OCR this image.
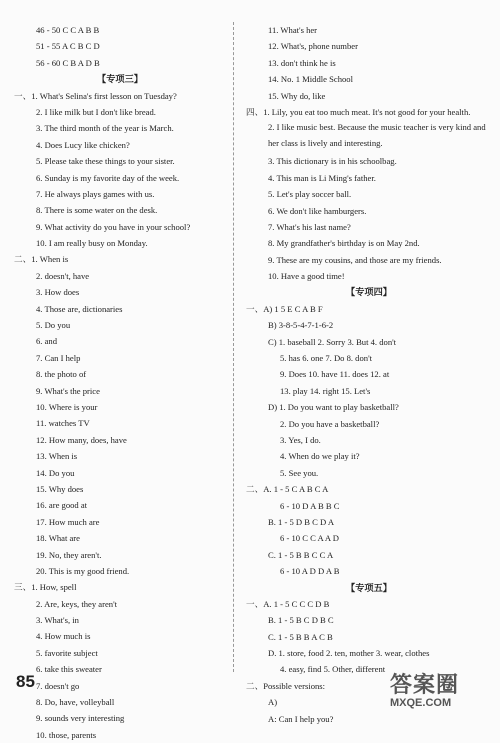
46 - 50 C C A B B
51 - 55 A C B C D
56 - 60 C B A D B
【专项三】
一、1. What's Selina's first lesson on Tuesday?
2. I like milk but I don't like bread.
3. The third month of the year is March.
4. Does Lucy like chicken?
5. Please take these things to your sister.
6. Sunday is my favorite day of the week.
7. He always plays games with us.
8. There is some water on the desk.
9. What activity do you have in your school?
10. I am really busy on Monday.
二、1. When is
2. doesn't, have
3. How does
4. Those are, dictionaries
5. Do you
6. and
7. Can I help
8. the photo of
9. What's the price
10. Where is your
11. watches TV
12. How many, does, have
13. When is
14. Do you
15. Why does
16. are good at
17. How much are
18. What are
19. No, they aren't.
20. This is my good friend.
三、1. How, spell
2. Are, keys, they aren't
3. What's, in
4. How much is
5. favorite subject
6. take this sweater
7. doesn't go
8. Do, have, volleyball
9. sounds very interesting
10. those, parents
11. What's her
12. What's, phone number
13. don't think he is
14. No. 1 Middle School
15. Why do, like
四、1. Lily, you eat too much meat. It's not good for your health.
2. I like music best. Because the music teacher is very kind and her class is lively and interesting.
3. This dictionary is in his schoolbag.
4. This man is Li Ming's father.
5. Let's play soccer ball.
6. We don't like hamburgers.
7. What's his last name?
8. My grandfather's birthday is on May 2nd.
9. These are my cousins, and those are my friends.
10. Have a good time!
【专项四】
一、A) 1 5 E C A B F
B) 3-8-5-4-7-1-6-2
C) 1. baseball 2. Sorry 3. But 4. don't
5. has 6. one 7. Do 8. don't
9. Does 10. have 11. does 12. at
13. play 14. right 15. Let's
D) 1. Do you want to play basketball?
2. Do you have a basketball?
3. Yes, I do.
4. When do we play it?
5. See you.
二、A. 1 - 5 C A B C A
6 - 10 D A B B C
B. 1 - 5 D B C D A
6 - 10 C C A A D
C. 1 - 5 B B C C A
6 - 10 A D D A B
【专项五】
一、A. 1 - 5 C C C D B
B. 1 - 5 B C D B C
C. 1 - 5 B B A C B
D. 1. store, food 2. ten, mother 3. wear, clothes
4. easy, find 5. Other, different
二、Possible versions:
A)
A: Can I help you?
85	答案圈
MXQE.COM
